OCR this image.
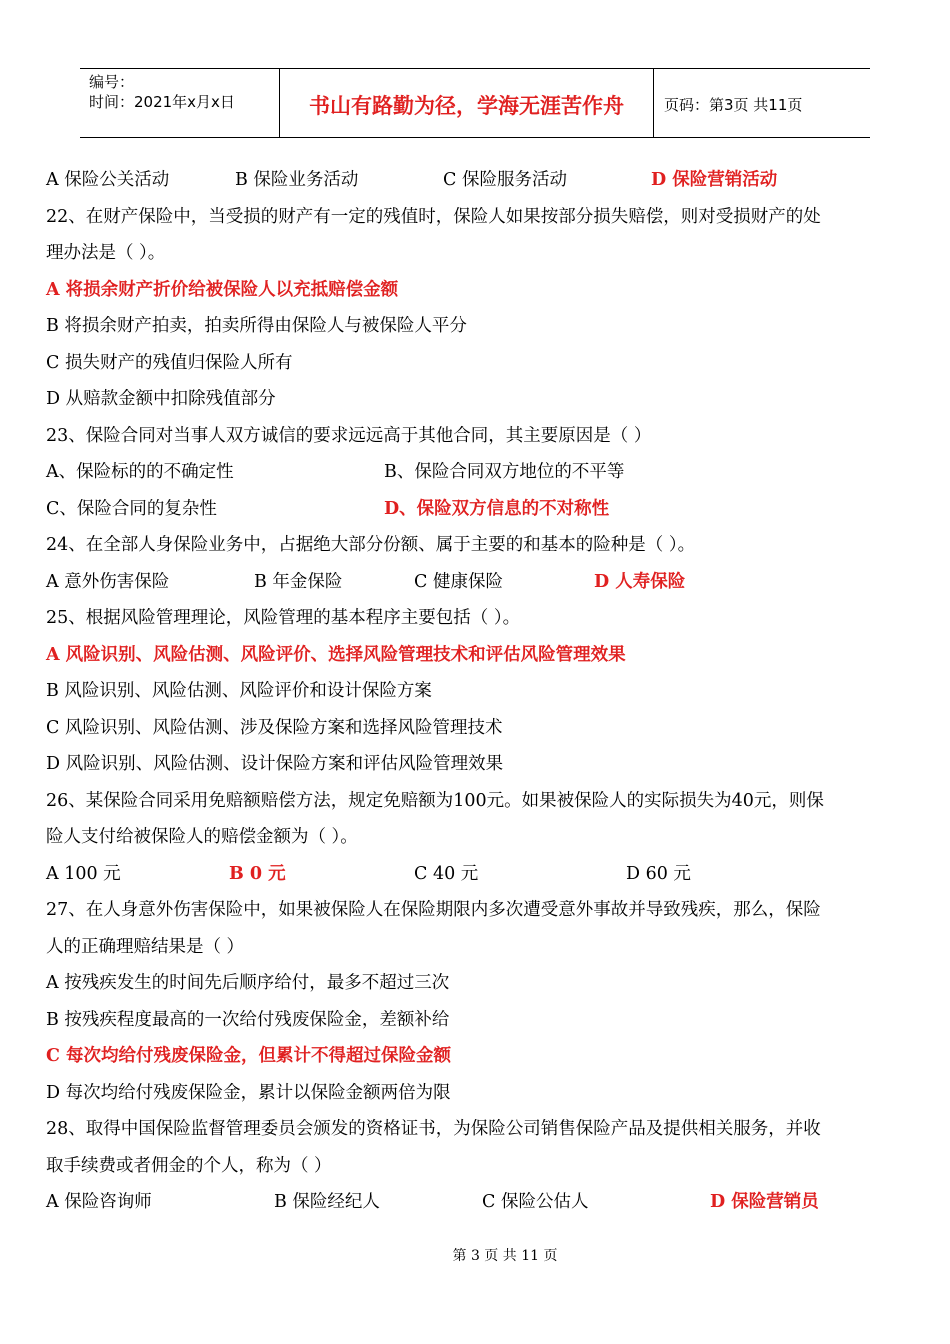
编号：
时间：2021年x月x日	书山有路勤为径，学海无涯苦作舟	页码：第3页 共11页
A 保险公关活动	B 保险业务活动	C 保险服务活动	D 保险营销活动
22、在财产保险中，当受损的财产有一定的残值时，保险人如果按部分损失赔偿，则对受损财产的处
理办法是（ ）。
A 将损余财产折价给被保险人以充抵赔偿金额
B 将损余财产拍卖，拍卖所得由保险人与被保险人平分
C 损失财产的残值归保险人所有
D 从赔款金额中扣除残值部分
23、保险合同对当事人双方诚信的要求远远高于其他合同，其主要原因是（ ）
A、保险标的的不确定性	B、保险合同双方地位的不平等
C、保险合同的复杂性	D、保险双方信息的不对称性
24、在全部人身保险业务中，占据绝大部分份额、属于主要的和基本的险种是（ ）。
A 意外伤害保险	B 年金保险	C 健康保险	D 人寿保险
25、根据风险管理理论，风险管理的基本程序主要包括（ ）。
A 风险识别、风险估测、风险评价、选择风险管理技术和评估风险管理效果
B 风险识别、风险估测、风险评价和设计保险方案
C 风险识别、风险估测、涉及保险方案和选择风险管理技术
D 风险识别、风险估测、设计保险方案和评估风险管理效果
26、某保险合同采用免赔额赔偿方法，规定免赔额为100元。如果被保险人的实际损失为40元，则保
险人支付给被保险人的赔偿金额为（ ）。
A 100 元	B 0 元	C 40 元	D 60 元
27、在人身意外伤害保险中，如果被保险人在保险期限内多次遭受意外事故并导致残疾，那么，保险
人的正确理赔结果是（ ）
A 按残疾发生的时间先后顺序给付，最多不超过三次
B 按残疾程度最高的一次给付残废保险金，差额补给
C 每次均给付残废保险金，但累计不得超过保险金额
D 每次均给付残废保险金，累计以保险金额两倍为限
28、取得中国保险监督管理委员会颁发的资格证书，为保险公司销售保险产品及提供相关服务，并收
取手续费或者佣金的个人，称为（ ）
A 保险咨询师	B 保险经纪人	C 保险公估人	D 保险营销员
第 3 页 共 11 页
